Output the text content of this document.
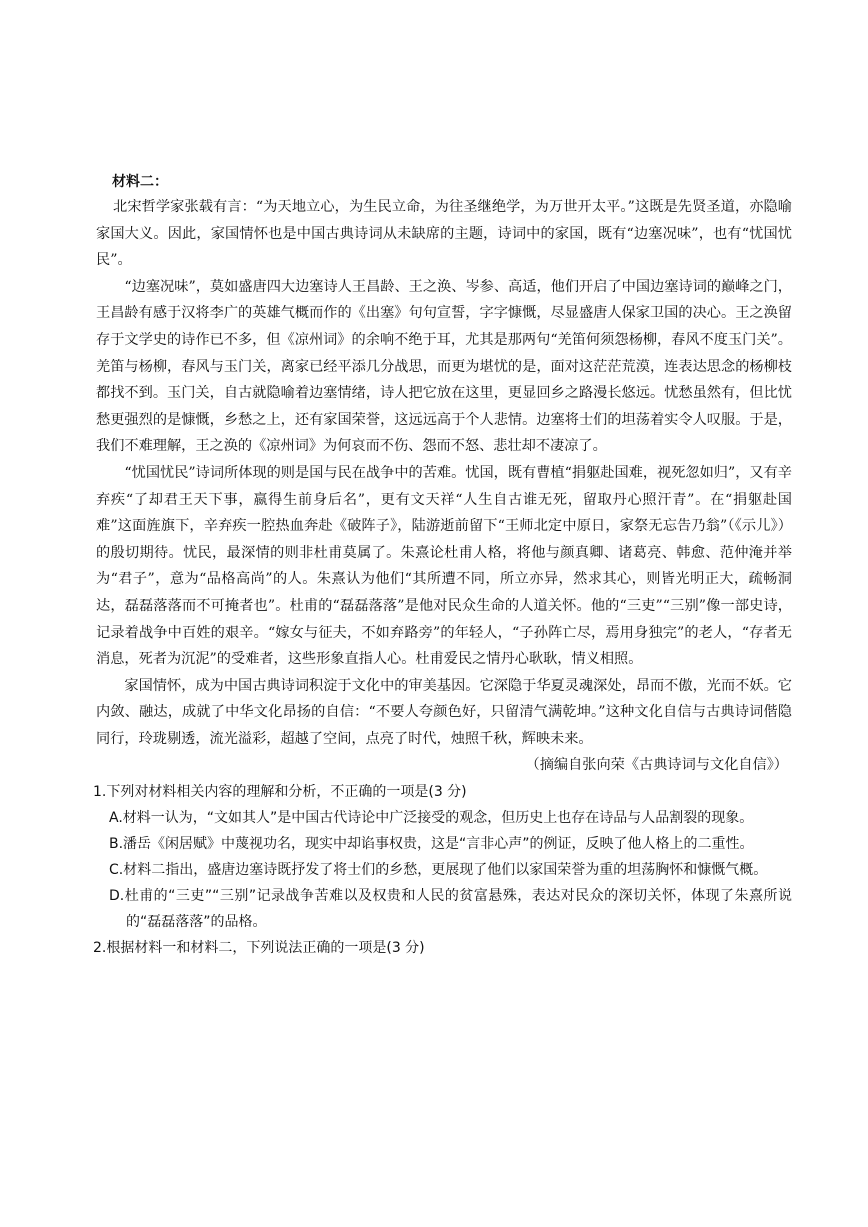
材料二：

北宋哲学家张载有言：“为天地立心，为生民立命，为往圣继绝学，为万世开太平。”这既是先贤圣道，亦隐喻家国大义。因此，家国情怀也是中国古典诗词从未缺席的主题，诗词中的家国，既有“边塞况味”，也有“忧国忧民”。

“边塞况味”，莫如盛唐四大边塞诗人王昌龄、王之涣、岑参、高适，他们开启了中国边塞诗词的巅峰之门，王昌龄有感于汉将李广的英雄气概而作的《出塞》句句宣誓，字字慷慨，尽显盛唐人保家卫国的决心。王之涣留存于文学史的诗作已不多，但《凉州词》的余响不绝于耳，尤其是那两句“羌笛何须怨杨柳，春风不度玉门关”。羌笛与杨柳，春风与玉门关，离家已经平添几分战思，而更为堪忧的是，面对这茫茫荒漠，连表达思念的杨柳枝都找不到。玉门关，自古就隐喻着边塞情绪，诗人把它放在这里，更显回乡之路漫长悠远。忧愁虽然有，但比忧愁更强烈的是慷慨，乡愁之上，还有家国荣誉，这远远高于个人悲情。边塞将士们的坦荡着实令人叹服。于是，我们不难理解，王之涣的《凉州词》为何哀而不伤、怨而不怒、悲壮却不凄凉了。

“忧国忧民”诗词所体现的则是国与民在战争中的苦难。忧国，既有曹植“捐躯赴国难，视死忽如归”，又有辛弃疾“了却君王天下事，嬴得生前身后名”，更有文天祥“人生自古谁无死，留取丹心照汗青”。在“捐躯赴国难”这面旌旗下，辛弃疾一腔热血奔赴《破阵子》，陆游逝前留下“王师北定中原日，家祭无忘告乃翁”（《示儿》）的殷切期待。忧民，最深情的则非杜甫莫属了。朱熹论杜甫人格，将他与颜真卿、诸葛亮、韩愈、范仲淹并举为“君子”，意为“品格高尚”的人。朱熹认为他们“其所遭不同，所立亦异，然求其心，则皆光明正大，疏畅洞达，磊磊落落而不可掩者也”。杜甫的“磊磊落落”是他对民众生命的人道关怀。他的“三吏”“三别”像一部史诗，记录着战争中百姓的艰辛。“嫁女与征夫，不如弃路旁”的年轻人，“子孙阵亡尽，焉用身独完”的老人，“存者无消息，死者为沉泥”的受难者，这些形象直指人心。杜甫爱民之情丹心耿耿，情义相照。

家国情怀，成为中国古典诗词积淀于文化中的审美基因。它深隐于华夏灵魂深处，昂而不傲，光而不妖。它内敛、融达，成就了中华文化昂扬的自信：“不要人夸颜色好，只留清气满乾坤。”这种文化自信与古典诗词偕隐同行，玲珑剔透，流光溢彩，超越了空间，点亮了时代，烛照千秋，辉映未来。

（摘编自张向荣《古典诗词与文化自信》）

1.下列对材料相关内容的理解和分析，不正确的一项是(3 分)

A.材料一认为，“文如其人”是中国古代诗论中广泛接受的观念，但历史上也存在诗品与人品割裂的现象。

B.潘岳《闲居赋》中蔑视功名，现实中却谄事权贵，这是“言非心声”的例证，反映了他人格上的二重性。

C.材料二指出，盛唐边塞诗既抒发了将士们的乡愁，更展现了他们以家国荣誉为重的坦荡胸怀和慷慨气概。

D.杜甫的“三吏”“三别”记录战争苦难以及权贵和人民的贫富悬殊，表达对民众的深切关怀，体现了朱熹所说的“磊磊落落”的品格。

2.根据材料一和材料二，下列说法正确的一项是(3 分)
